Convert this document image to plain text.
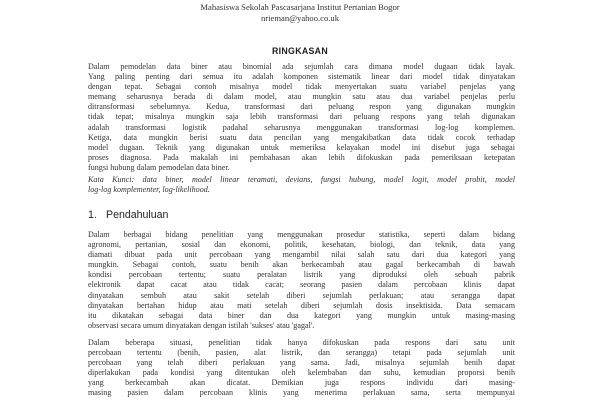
Mahasiswa Sekolah Pascasarjana Institut Pertanian Bogor
nrieman@yahoo.co.uk
RINGKASAN
Dalam pemodelan data biner atau binomial ada sejumlah cara dimana model dugaan tidak layak.
Yang paling penting dari semua itu adalah komponen sistematik linear dari model tidak dinyatakan
dengan tepat. Sebagai contoh misalnya model tidak menyertakan suatu variabel penjelas yang
memang seharusnya berada di dalam model, atau mungkin satu atau dua variabel penjelas perlu
ditransformasi sebelumnya. Kedua, transformasi dari peluang respon yang digunakan mungkin
tidak tepat; misalnya mungkin saja lebih transformasi dari peluang respons yang telah digunakan
adalah transformasi logistik padahal seharusnya menggunakan transformasi log-log komplemen.
Ketiga, data mungkin berisi suatu data pencilan yang mengakibatkan data tidak cocok terhadap
model dugaan. Teknik yang digunakan untuk memeriksa kelayakan model ini disebut juga sebagai
proses diagnosa. Pada makalah ini pembahasan akan lebih difokuskan pada pemeriksaan ketepatan
fungsi hubung dalam pemodelan data biner.
Kata Kunci: data biner, model linear teramati, devians, fungsi hubung, model logit, model probit, model
log-log komplementer, log-likelihood.
1. Pendahuluan
Dalam berbagai bidang penelitian yang menggunakan prosedur statistika, seperti dalam bidang
agronomi, pertanian, sosial dan ekonomi, politik, kesehatan, biologi, dan teknik, data yang
diamati dibuat pada unit percobaan yang mengambil nilai salah satu dari dua kategori yang
mungkin. Sebagai contoh, suatu benih akan berkecambah atau gagal berkecambah di bawah
kondisi percobaan tertentu; suatu peralatan listrik yang diproduksi oleh sebuah pabrik
elektronik dapat cacat atau tidak cacat; seorang pasien dalam percobaan klinis dapat
dinyatakan sembuh atau sakit setelah diberi sejumlah perlakuan; atau serangga dapat
dinyatakan bertahan hidup atau mati setelah diberi sejumlah dosis insektisida. Data semacam
itu dikatakan sebagai data biner dan dua kategori yang mungkin untuk masing-masing
observasi secara umum dinyatakan dengan istilah 'sukses' atau 'gagal'.
Dalam beberapa situasi, penelitian tidak hanya difokuskan pada respons dari satu unit
percobaan tertentu (benih, pasien, alat listrik, dan serangga) tetapi pada sejumlah unit
percobaan yang telah diberi perlakuan yang sama. Jadi, misalnya sejumlah benih dapat
diperlakukan pada kondisi yang ditentukan oleh kelembaban dan suhu, kemudian proporsi benih
yang berkecambah akan dicatat. Demikian juga respons individu dari masing-
masing pasien dalam percobaan klinis yang menerima perlakuan sama, serta mempunyai
